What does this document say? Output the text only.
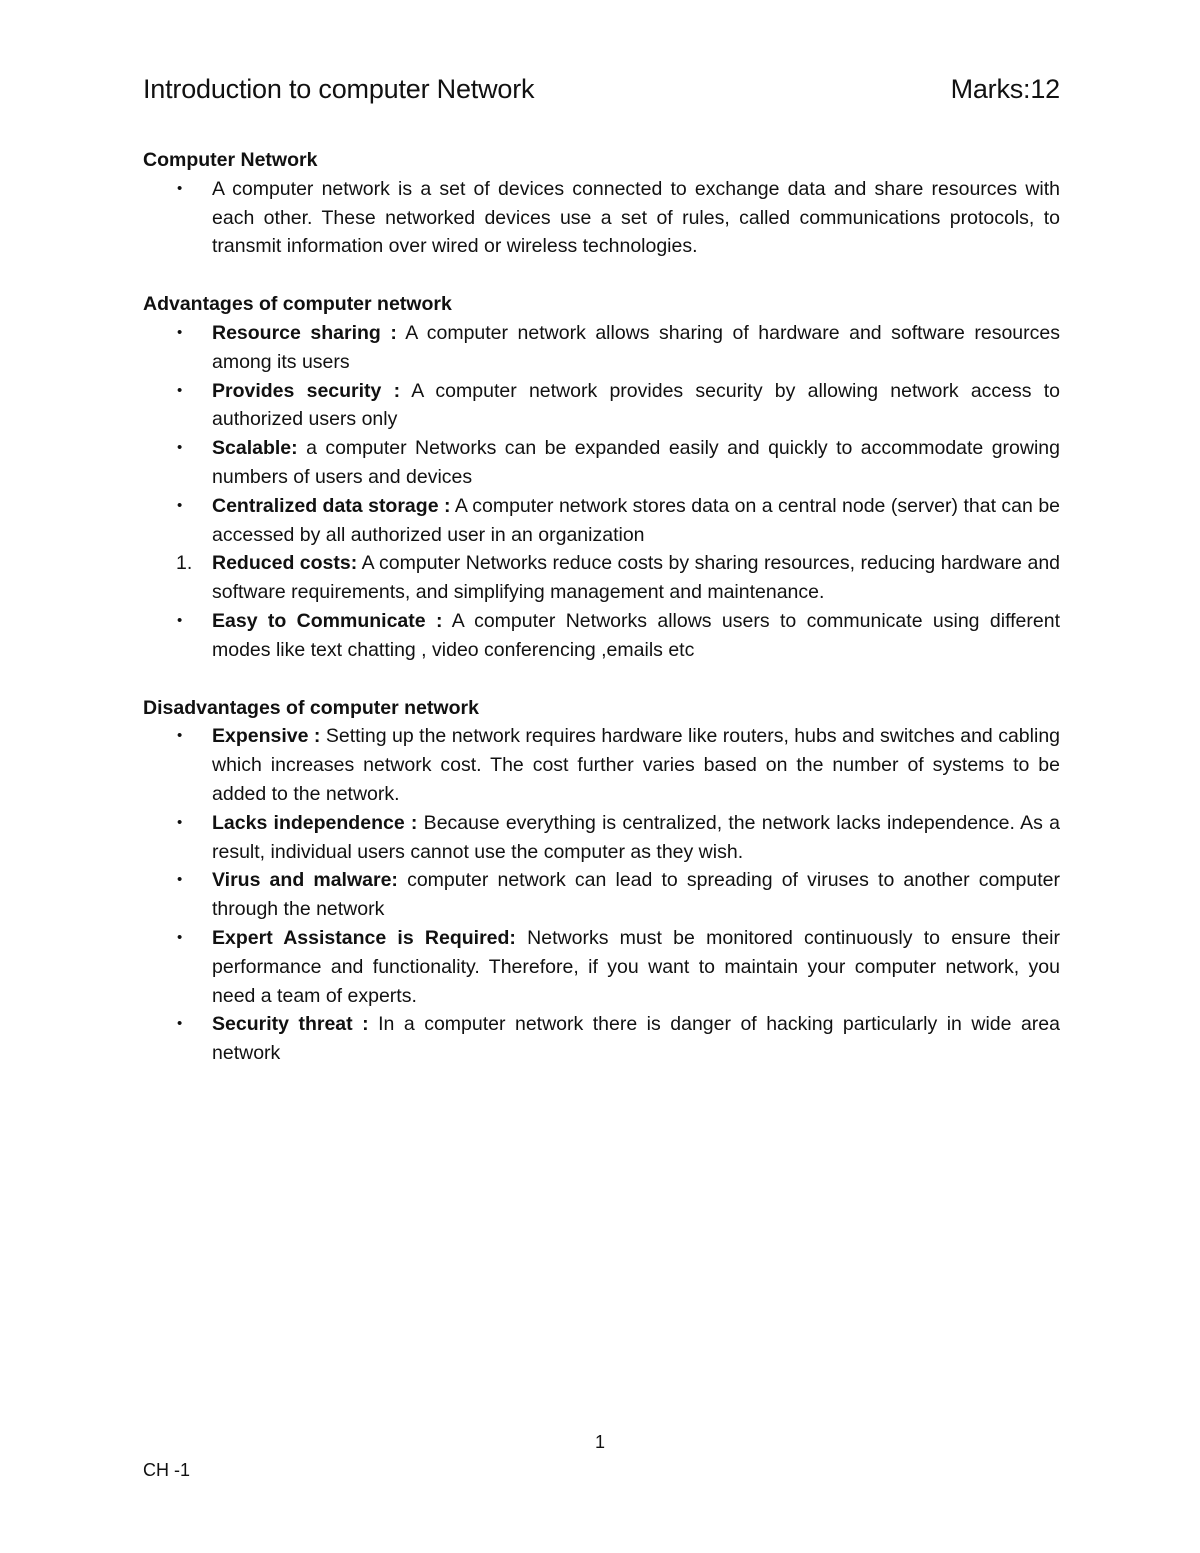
Introduction to computer Network	Marks:12

Computer Network

•	A computer network is a set of devices connected to exchange data and share resources with each other. These networked devices use a set of rules, called communications protocols, to transmit information over wired or wireless technologies.

Advantages of computer network

•	Resource sharing : A computer network allows sharing of hardware and software resources among its users
•	Provides security : A computer network provides security by allowing network access to authorized users only
•	Scalable: a computer Networks can be expanded easily and quickly to accommodate growing numbers of users and devices
•	Centralized data storage : A computer network stores data on a central node (server) that can be accessed by all authorized user in an organization
1.	Reduced costs: A computer Networks reduce costs by sharing resources, reducing hardware and software requirements, and simplifying management and maintenance.
•	Easy to Communicate : A computer Networks allows users to communicate using different modes like text chatting , video conferencing ,emails etc

Disadvantages of computer network

•	Expensive : Setting up the network requires hardware like routers, hubs and switches and cabling which increases network cost. The cost further varies based on the number of systems to be added to the network.
•	Lacks independence : Because everything is centralized, the network lacks independence. As a result, individual users cannot use the computer as they wish.
•	Virus and malware: computer network can lead to spreading of viruses to another computer through the network
•	Expert Assistance is Required: Networks must be monitored continuously to ensure their performance and functionality. Therefore, if you want to maintain your computer network, you need a team of experts.
•	Security threat : In a computer network there is danger of hacking particularly in wide area network
1
CH -1
